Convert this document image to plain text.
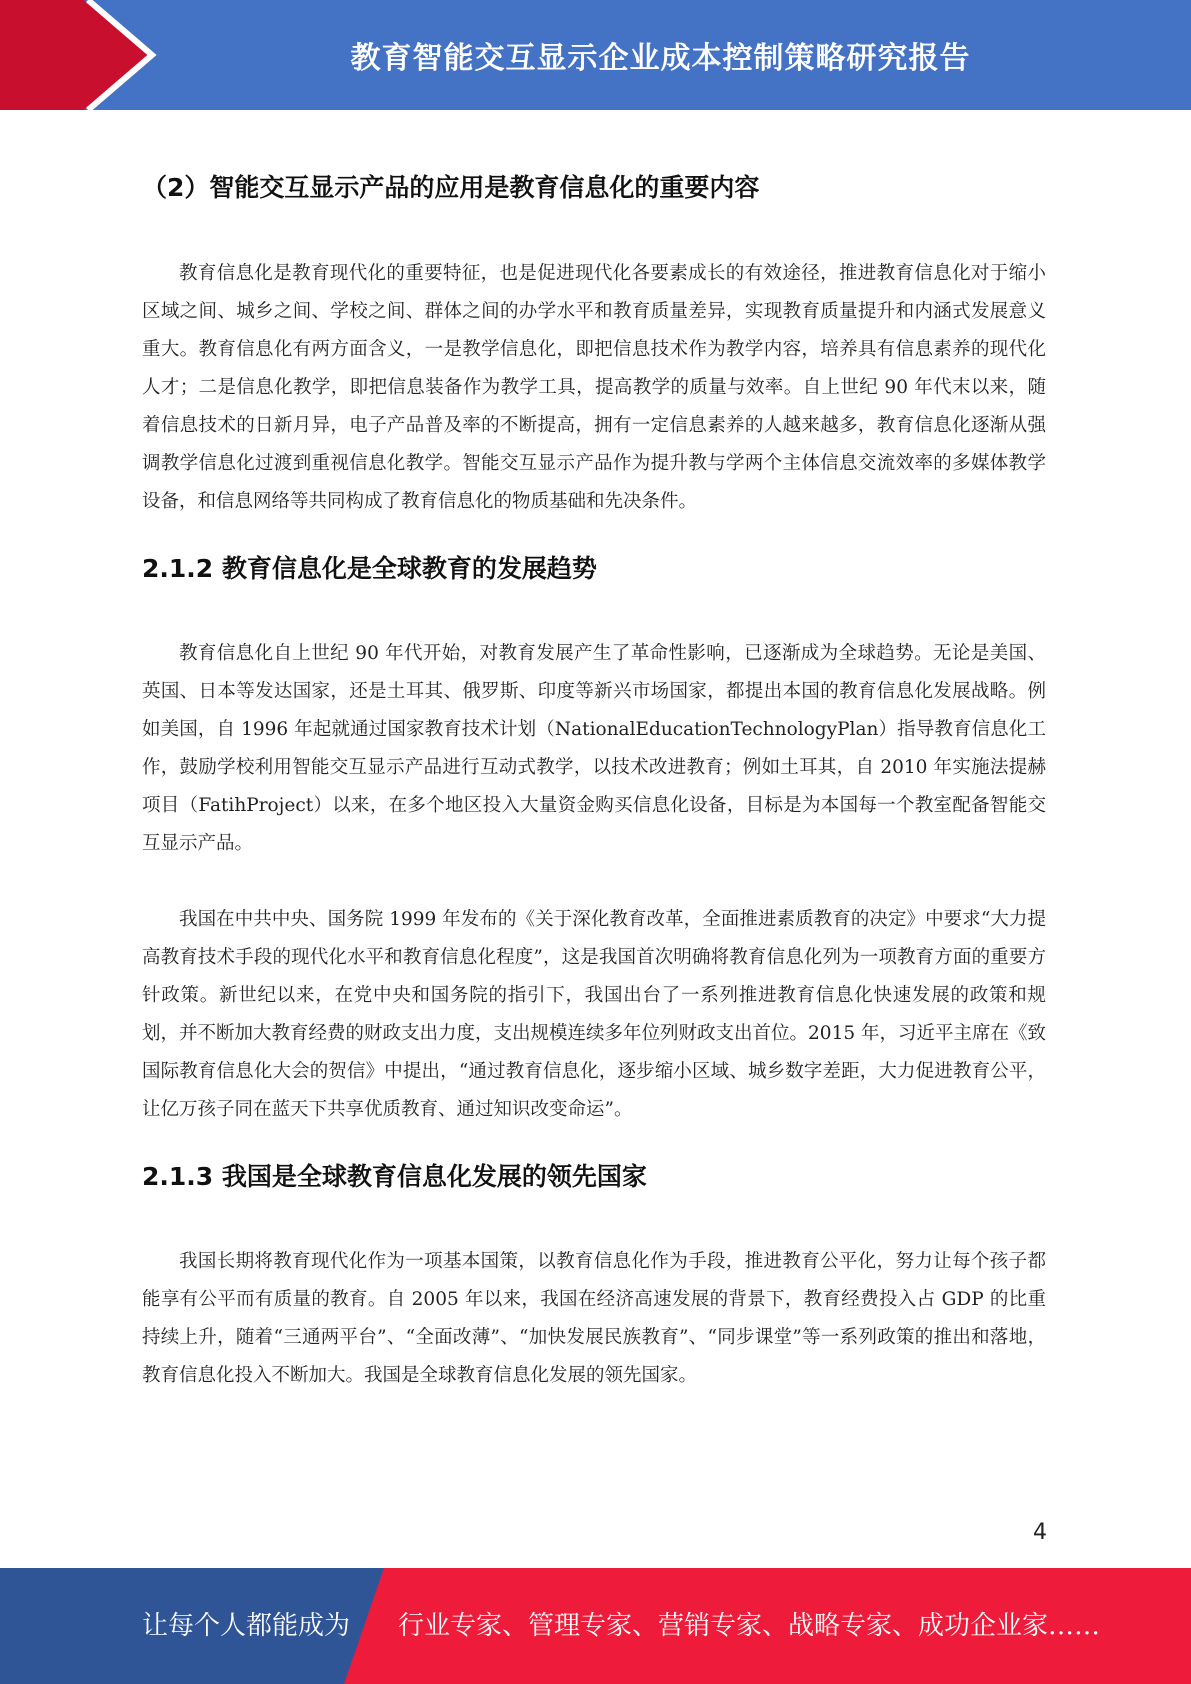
教育智能交互显示企业成本控制策略研究报告
（2）智能交互显示产品的应用是教育信息化的重要内容

教育信息化是教育现代化的重要特征，也是促进现代化各要素成长的有效途径，推进教育信息化对于缩小区域之间、城乡之间、学校之间、群体之间的办学水平和教育质量差异，实现教育质量提升和内涵式发展意义重大。教育信息化有两方面含义，一是教学信息化，即把信息技术作为教学内容，培养具有信息素养的现代化人才；二是信息化教学，即把信息装备作为教学工具，提高教学的质量与效率。自上世纪 90 年代末以来，随着信息技术的日新月异，电子产品普及率的不断提高，拥有一定信息素养的人越来越多，教育信息化逐渐从强调教学信息化过渡到重视信息化教学。智能交互显示产品作为提升教与学两个主体信息交流效率的多媒体教学设备，和信息网络等共同构成了教育信息化的物质基础和先决条件。

2.1.2 教育信息化是全球教育的发展趋势

教育信息化自上世纪 90 年代开始，对教育发展产生了革命性影响，已逐渐成为全球趋势。无论是美国、英国、日本等发达国家，还是土耳其、俄罗斯、印度等新兴市场国家，都提出本国的教育信息化发展战略。例如美国，自 1996 年起就通过国家教育技术计划（NationalEducationTechnologyPlan）指导教育信息化工作，鼓励学校利用智能交互显示产品进行互动式教学，以技术改进教育；例如土耳其，自 2010 年实施法提赫项目（FatihProject）以来，在多个地区投入大量资金购买信息化设备，目标是为本国每一个教室配备智能交互显示产品。

我国在中共中央、国务院 1999 年发布的《关于深化教育改革，全面推进素质教育的决定》中要求“大力提高教育技术手段的现代化水平和教育信息化程度”，这是我国首次明确将教育信息化列为一项教育方面的重要方针政策。新世纪以来，在党中央和国务院的指引下，我国出台了一系列推进教育信息化快速发展的政策和规划，并不断加大教育经费的财政支出力度，支出规模连续多年位列财政支出首位。2015 年，习近平主席在《致国际教育信息化大会的贺信》中提出，“通过教育信息化，逐步缩小区域、城乡数字差距，大力促进教育公平，让亿万孩子同在蓝天下共享优质教育、通过知识改变命运”。

2.1.3 我国是全球教育信息化发展的领先国家

我国长期将教育现代化作为一项基本国策，以教育信息化作为手段，推进教育公平化，努力让每个孩子都能享有公平而有质量的教育。自 2005 年以来，我国在经济高速发展的背景下，教育经费投入占 GDP 的比重持续上升，随着“三通两平台”、“全面改薄”、“加快发展民族教育”、“同步课堂”等一系列政策的推出和落地，教育信息化投入不断加大。我国是全球教育信息化发展的领先国家。

4
让每个人都能成为 行业专家、管理专家、营销专家、战略专家、成功企业家……
